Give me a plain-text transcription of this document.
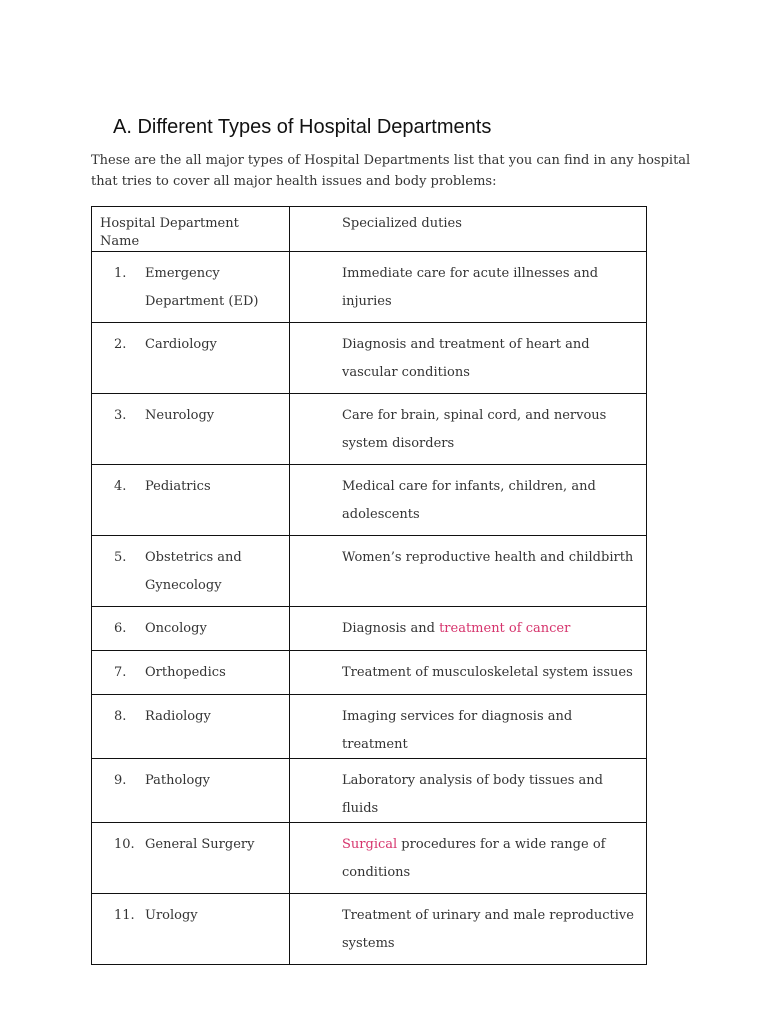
A. Different Types of Hospital Departments

These are the all major types of Hospital Departments list that you can find in any hospital that tries to cover all major health issues and body problems:

Hospital Department Name	Specialized duties

1. Emergency Department (ED)	Immediate care for acute illnesses and injuries

2. Cardiology	Diagnosis and treatment of heart and vascular conditions

3. Neurology	Care for brain, spinal cord, and nervous system disorders

4. Pediatrics	Medical care for infants, children, and adolescents

5. Obstetrics and Gynecology	Women’s reproductive health and childbirth

6. Oncology	Diagnosis and treatment of cancer

7. Orthopedics	Treatment of musculoskeletal system issues

8. Radiology	Imaging services for diagnosis and treatment

9. Pathology	Laboratory analysis of body tissues and fluids

10. General Surgery	Surgical procedures for a wide range of conditions

11. Urology	Treatment of urinary and male reproductive systems
